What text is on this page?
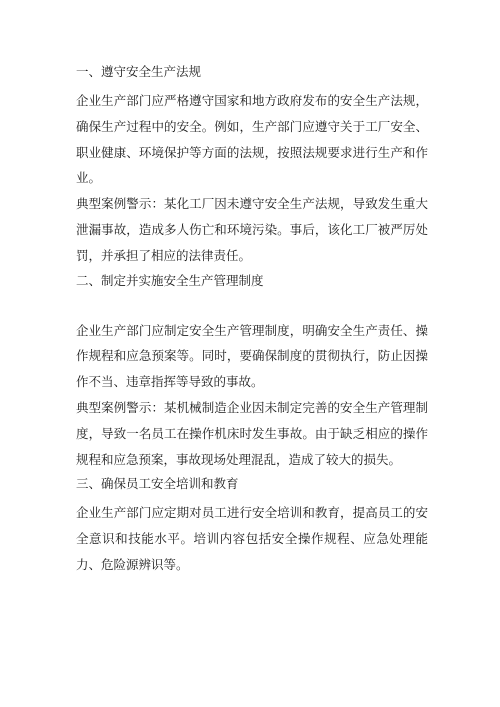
一、遵守安全生产法规

企业生产部门应严格遵守国家和地方政府发布的安全生产法规，确保生产过程中的安全。例如，生产部门应遵守关于工厂安全、职业健康、环境保护等方面的法规，按照法规要求进行生产和作业。

典型案例警示：某化工厂因未遵守安全生产法规，导致发生重大泄漏事故，造成多人伤亡和环境污染。事后，该化工厂被严厉处罚，并承担了相应的法律责任。

二、制定并实施安全生产管理制度

企业生产部门应制定安全生产管理制度，明确安全生产责任、操作规程和应急预案等。同时，要确保制度的贯彻执行，防止因操作不当、违章指挥等导致的事故。

典型案例警示：某机械制造企业因未制定完善的安全生产管理制度，导致一名员工在操作机床时发生事故。由于缺乏相应的操作规程和应急预案，事故现场处理混乱，造成了较大的损失。

三、确保员工安全培训和教育

企业生产部门应定期对员工进行安全培训和教育，提高员工的安全意识和技能水平。培训内容包括安全操作规程、应急处理能力、危险源辨识等。
